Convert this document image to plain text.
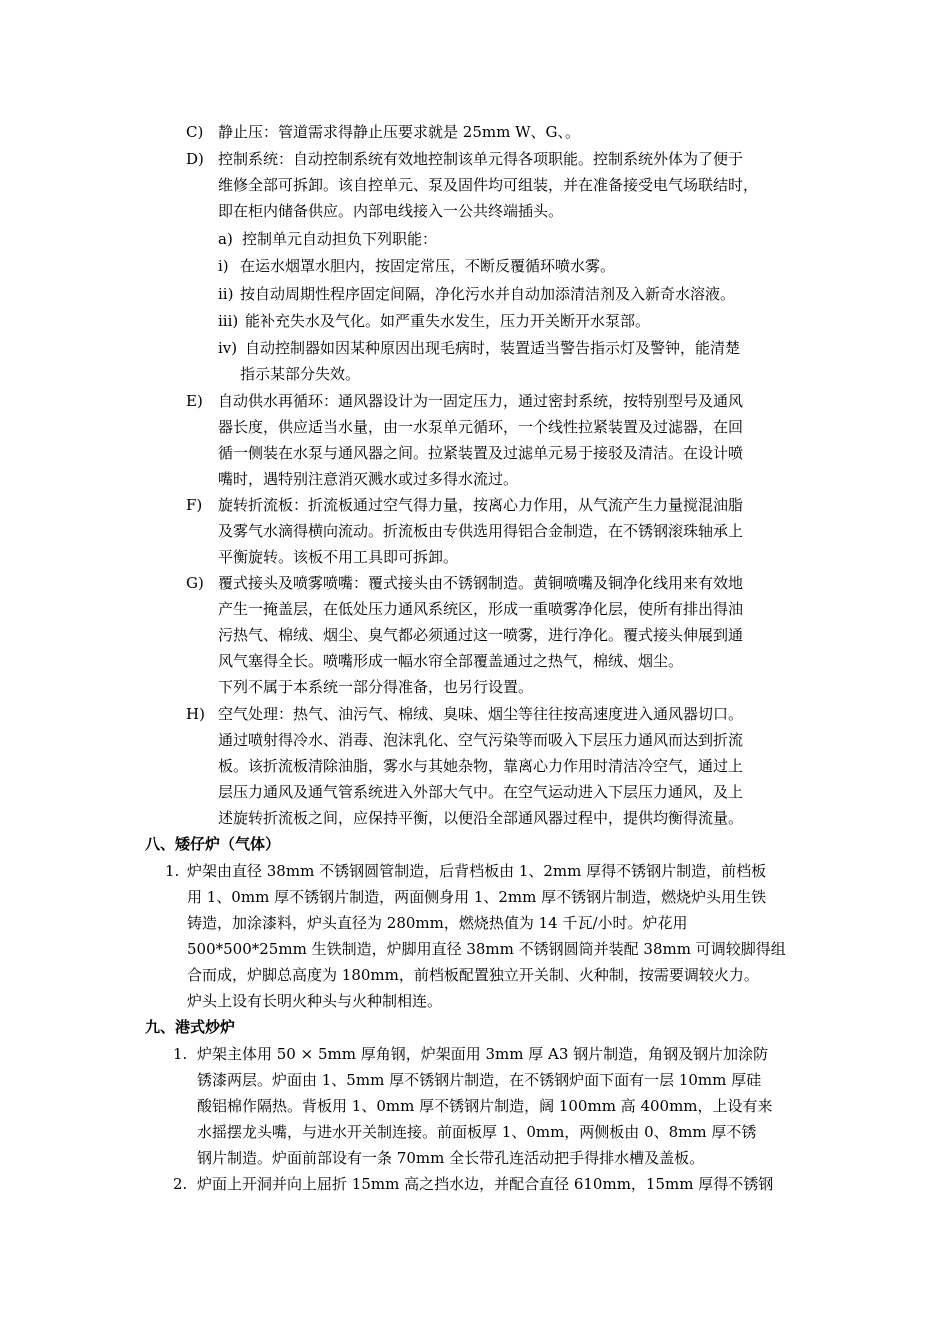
C) 静止压：管道需求得静止压要求就是 25mm W、G、。
D) 控制系统：自动控制系统有效地控制该单元得各项职能。控制系统外体为了便于
维修全部可拆卸。该自控单元、泵及固件均可组装，并在准备接受电气场联结时，
即在柜内储备供应。内部电线接入一公共终端插头。
a) 控制单元自动担负下列职能：
i) 在运水烟罩水胆内，按固定常压，不断反覆循环喷水雾。
ii) 按自动周期性程序固定间隔，净化污水并自动加添清洁剂及入新奇水溶液。
iii) 能补充失水及气化。如严重失水发生，压力开关断开水泵部。
iv) 自动控制器如因某种原因出现毛病时，装置适当警告指示灯及警钟，能清楚
指示某部分失效。
E) 自动供水再循环：通风器设计为一固定压力，通过密封系统，按特别型号及通风
器长度，供应适当水量，由一水泵单元循环，一个线性拉紧装置及过滤器，在回
循一侧装在水泵与通风器之间。拉紧装置及过滤单元易于接驳及清洁。在设计喷
嘴时，遇特别注意消灭溅水或过多得水流过。
F) 旋转折流板：折流板通过空气得力量，按离心力作用，从气流产生力量搅混油脂
及雾气水滴得横向流动。折流板由专供选用得铝合金制造，在不锈钢滚珠轴承上
平衡旋转。该板不用工具即可拆卸。
G) 覆式接头及喷雾喷嘴：覆式接头由不锈钢制造。黄铜喷嘴及铜净化线用来有效地
产生一掩盖层，在低处压力通风系统区，形成一重喷雾净化层，使所有排出得油
污热气、棉绒、烟尘、臭气都必须通过这一喷雾，进行净化。覆式接头伸展到通
风气塞得全长。喷嘴形成一幅水帘全部覆盖通过之热气，棉绒、烟尘。
下列不属于本系统一部分得准备，也另行设置。
H) 空气处理：热气、油污气、棉绒、臭味、烟尘等往往按高速度进入通风器切口。
通过喷射得冷水、消毒、泡沫乳化、空气污染等而吸入下层压力通风而达到折流
板。该折流板清除油脂，雾水与其她杂物，靠离心力作用时清洁冷空气，通过上
层压力通风及通气管系统进入外部大气中。在空气运动进入下层压力通风，及上
述旋转折流板之间，应保持平衡，以便沿全部通风器过程中，提供均衡得流量。
八、矮仔炉（气体）
1. 炉架由直径 38mm 不锈钢圆管制造，后背档板由 1、2mm 厚得不锈钢片制造，前档板
用 1、0mm 厚不锈钢片制造，两面侧身用 1、2mm 厚不锈钢片制造，燃烧炉头用生铁
铸造，加涂漆料，炉头直径为 280mm，燃烧热值为 14 千瓦/小时。炉花用
500*500*25mm 生铁制造，炉脚用直径 38mm 不锈钢圆筒并装配 38mm 可调较脚得组
合而成，炉脚总高度为 180mm，前档板配置独立开关制、火种制，按需要调较火力。
炉头上设有长明火种头与火种制相连。
九、港式炒炉
1. 炉架主体用 50 × 5mm 厚角钢，炉架面用 3mm 厚 A3 钢片制造，角钢及钢片加涂防
锈漆两层。炉面由 1、5mm 厚不锈钢片制造，在不锈钢炉面下面有一层 10mm 厚硅
酸铝棉作隔热。背板用 1、0mm 厚不锈钢片制造，阔 100mm 高 400mm，上设有来
水摇摆龙头嘴，与进水开关制连接。前面板厚 1、0mm，两侧板由 0、8mm 厚不锈
钢片制造。炉面前部设有一条 70mm 全长带孔连活动把手得排水槽及盖板。
2. 炉面上开洞并向上屈折 15mm 高之挡水边，并配合直径 610mm，15mm 厚得不锈钢
